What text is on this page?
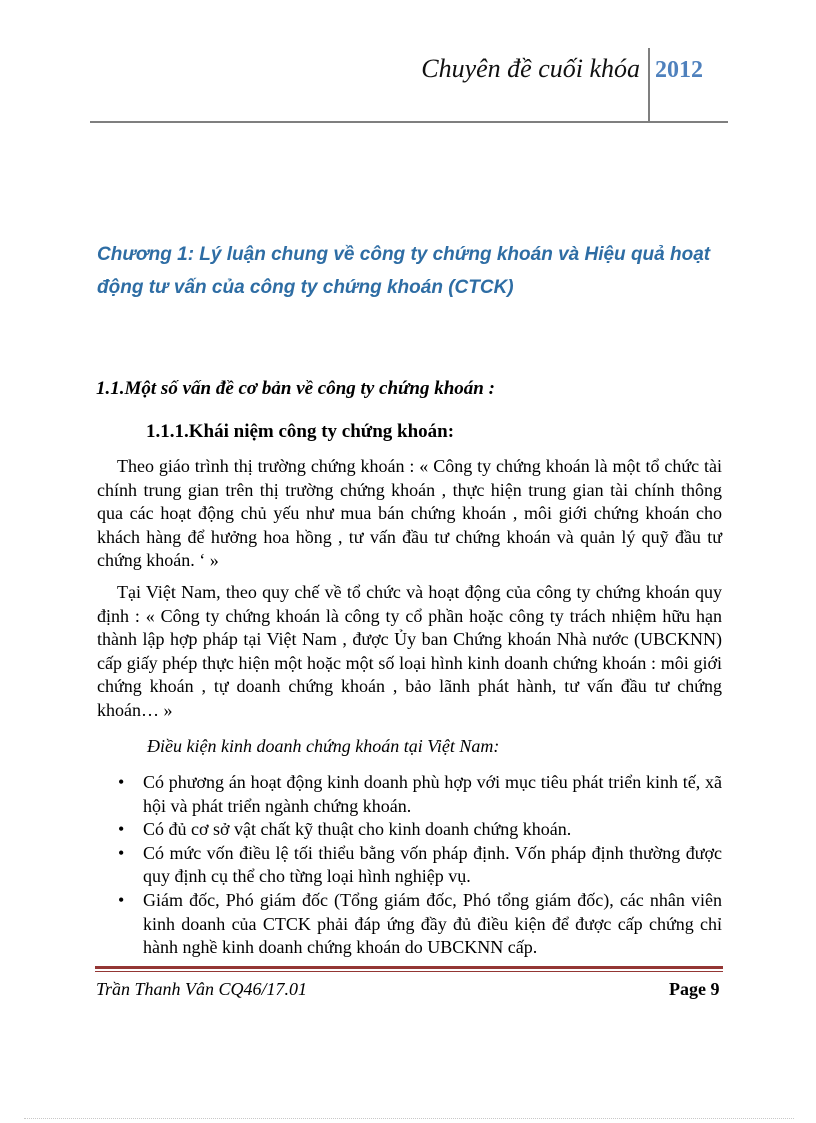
Chuyên đề cuối khóa 2012
Chương 1: Lý luận chung về công ty chứng khoán và Hiệu quả hoạt động tư vấn của công ty chứng khoán (CTCK)
1.1.Một số vấn đề cơ bản về công ty chứng khoán :
1.1.1.Khái niệm công ty chứng khoán:
Theo giáo trình thị trường chứng khoán : « Công ty chứng khoán là một tổ chức tài chính trung gian trên thị trường chứng khoán , thực hiện trung gian tài chính thông qua các hoạt động chủ yếu như mua bán chứng khoán , môi giới chứng khoán cho khách hàng để hưởng hoa hồng , tư vấn đầu tư chứng khoán và quản lý quỹ đầu tư chứng khoán. ‘ »
Tại Việt Nam, theo quy chế về tổ chức và hoạt động của công ty chứng khoán quy định : « Công ty chứng khoán là công ty cổ phần hoặc công ty trách nhiệm hữu hạn thành lập hợp pháp tại Việt Nam , được Ủy ban Chứng khoán Nhà nước (UBCKNN) cấp giấy phép thực hiện một hoặc một số loại hình kinh doanh chứng khoán : môi giới chứng khoán , tự doanh chứng khoán , bảo lãnh phát hành, tư vấn đầu tư chứng khoán… »
Điều kiện kinh doanh chứng khoán tại Việt Nam:
• Có phương án hoạt động kinh doanh phù hợp với mục tiêu phát triển kinh tế, xã hội và phát triển ngành chứng khoán.
• Có đủ cơ sở vật chất kỹ thuật cho kinh doanh chứng khoán.
• Có mức vốn điều lệ tối thiểu bằng vốn pháp định. Vốn pháp định thường được quy định cụ thể cho từng loại hình nghiệp vụ.
• Giám đốc, Phó giám đốc (Tổng giám đốc, Phó tổng giám đốc), các nhân viên kinh doanh của CTCK phải đáp ứng đầy đủ điều kiện để được cấp chứng chỉ hành nghề kinh doanh chứng khoán do UBCKNN cấp.
Trần Thanh Vân CQ46/17.01	Page 9
